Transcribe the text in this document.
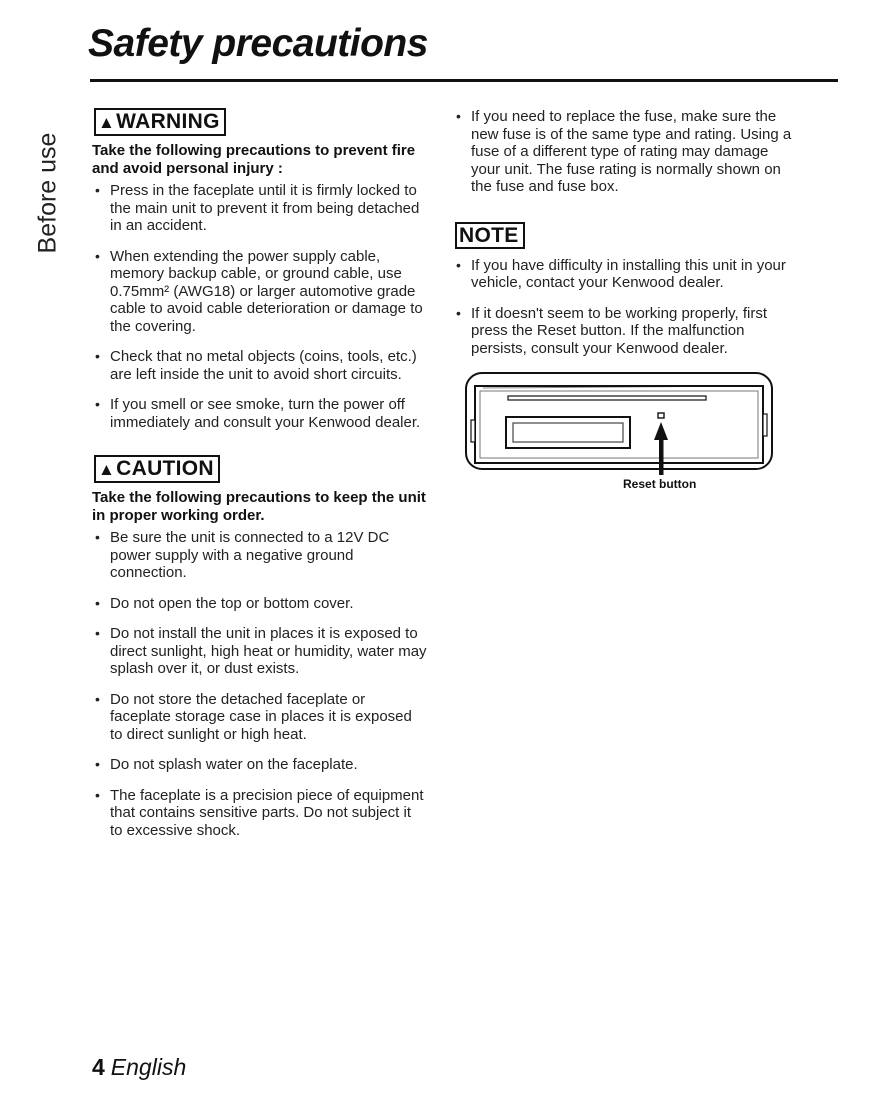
Safety precautions
Before use
▲WARNING

Take the following precautions to prevent fire and avoid personal injury :

• Press in the faceplate until it is firmly locked to the main unit to prevent it from being detached in an accident.
• When extending the power supply cable, memory backup cable, or ground cable, use 0.75mm² (AWG18) or larger automotive grade cable to avoid cable deterioration or damage to the covering.
• Check that no metal objects (coins, tools, etc.) are left inside the unit to avoid short circuits.
• If you smell or see smoke, turn the power off immediately and consult your Kenwood dealer.
▲CAUTION

Take the following precautions to keep the unit in proper working order.

• Be sure the unit is connected to a 12V DC power supply with a negative ground connection.
• Do not open the top or bottom cover.
• Do not install the unit in places it is exposed to direct sunlight, high heat or humidity, water may splash over it, or dust exists.
• Do not store the detached faceplate or faceplate storage case in places it is exposed to direct sunlight or high heat.
• Do not splash water on the faceplate.
• The faceplate is a precision piece of equipment that contains sensitive parts. Do not subject it to excessive shock.
• If you need to replace the fuse, make sure the new fuse is of the same type and rating. Using a fuse of a different type of rating may damage your unit. The fuse rating is normally shown on the fuse and fuse box.
NOTE
• If you have difficulty in installing this unit in your vehicle, contact your Kenwood dealer.
• If it doesn't seem to be working properly, first press the Reset button. If the malfunction persists, consult your Kenwood dealer.
Reset button
4 English
